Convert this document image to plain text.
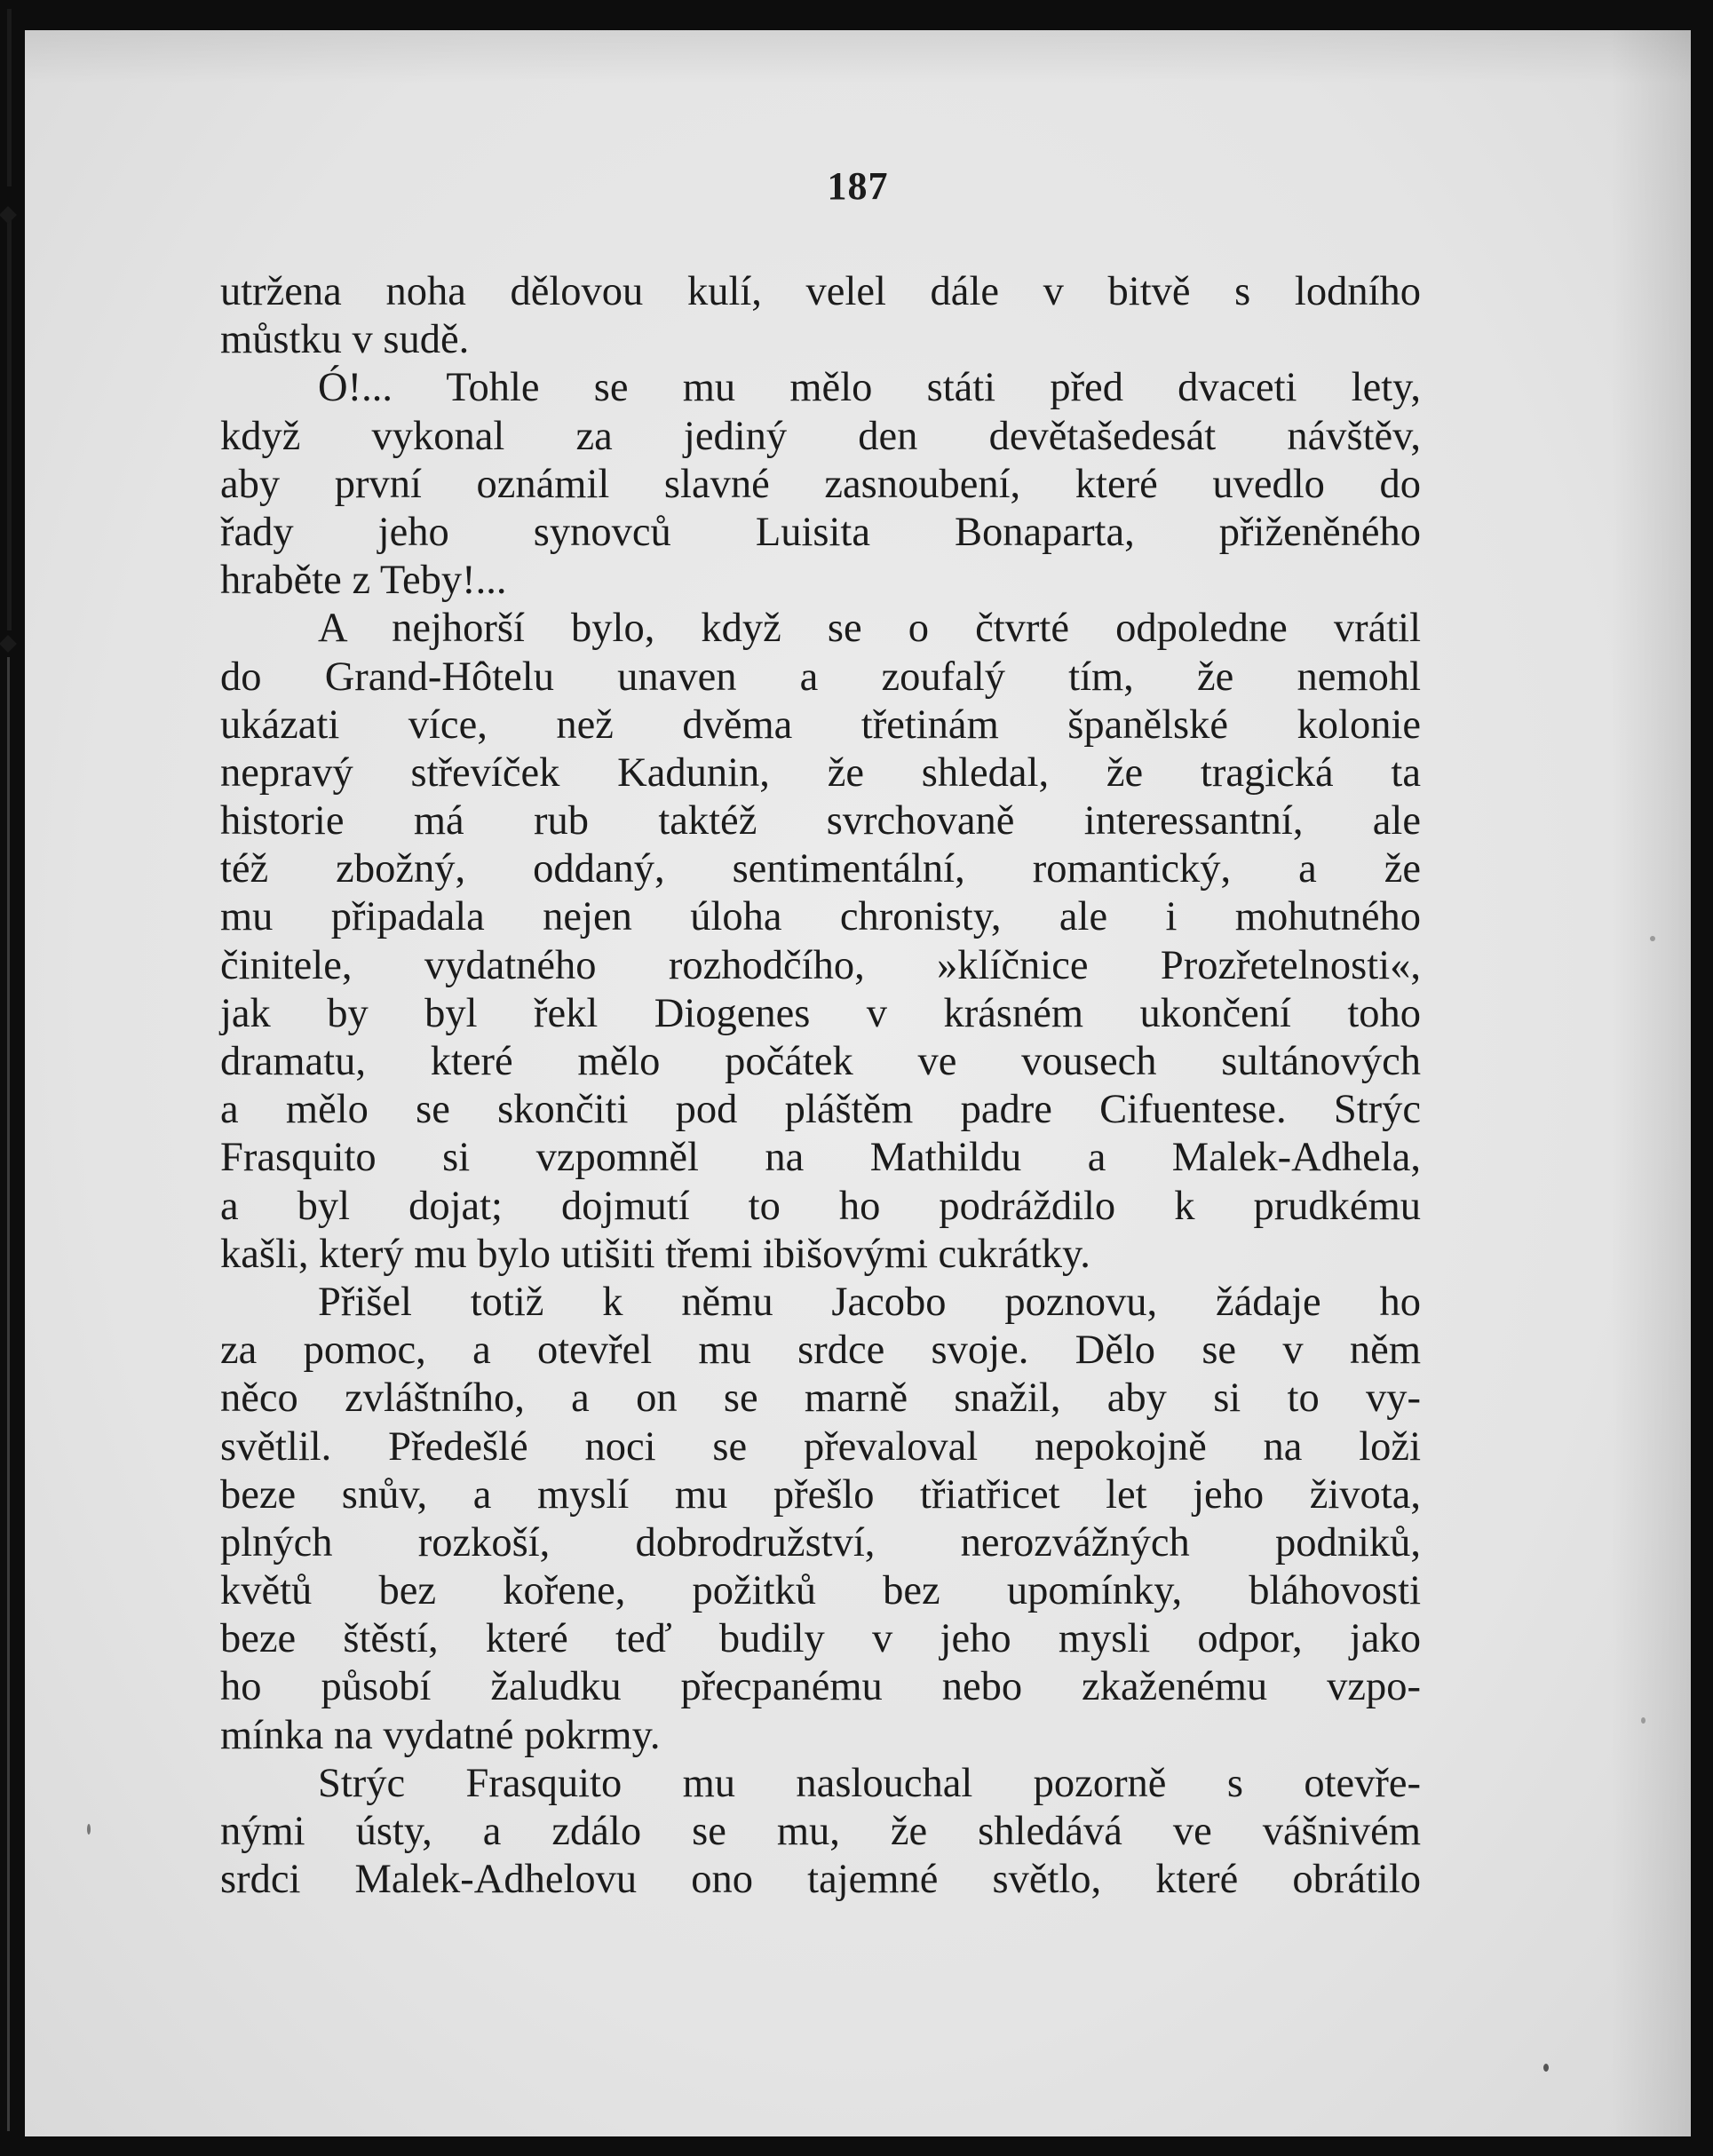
187
utržena noha dělovou kulí, velel dále v bitvě s lodního
můstku v sudě.
Ó!... Tohle se mu mělo státi před dvaceti lety,
když vykonal za jediný den devětašedesát návštěv,
aby první oznámil slavné zasnoubení, které uvedlo do
řady jeho synovců Luisita Bonaparta, přiženěného
hraběte z Teby!...
A nejhorší bylo, když se o čtvrté odpoledne vrátil
do Grand-Hôtelu unaven a zoufalý tím, že nemohl
ukázati více, než dvěma třetinám španělské kolonie
nepravý střevíček Kadunin, že shledal, že tragická ta
historie má rub taktéž svrchovaně interessantní, ale
též zbožný, oddaný, sentimentální, romantický, a že
mu připadala nejen úloha chronisty, ale i mohutného
činitele, vydatného rozhodčího, »klíčnice Prozřetelnosti«,
jak by byl řekl Diogenes v krásném ukončení toho
dramatu, které mělo počátek ve vousech sultánových
a mělo se skončiti pod pláštěm padre Cifuentese. Strýc
Frasquito si vzpomněl na Mathildu a Malek-Adhela,
a byl dojat; dojmutí to ho podráždilo k prudkému
kašli, který mu bylo utišiti třemi ibišovými cukrátky.
Přišel totiž k němu Jacobo poznovu, žádaje ho
za pomoc, a otevřel mu srdce svoje. Dělo se v něm
něco zvláštního, a on se marně snažil, aby si to vy-
světlil. Předešlé noci se převaloval nepokojně na loži
beze snův, a myslí mu přešlo třiatřicet let jeho života,
plných rozkoší, dobrodružství, nerozvážných podniků,
květů bez kořene, požitků bez upomínky, bláhovosti
beze štěstí, které teď budily v jeho mysli odpor, jako
ho působí žaludku přecpanému nebo zkaženému vzpo-
mínka na vydatné pokrmy.
Strýc Frasquito mu naslouchal pozorně s otevře-
nými ústy, a zdálo se mu, že shledává ve vášnivém
srdci Malek-Adhelovu ono tajemné světlo, které obrátilo
